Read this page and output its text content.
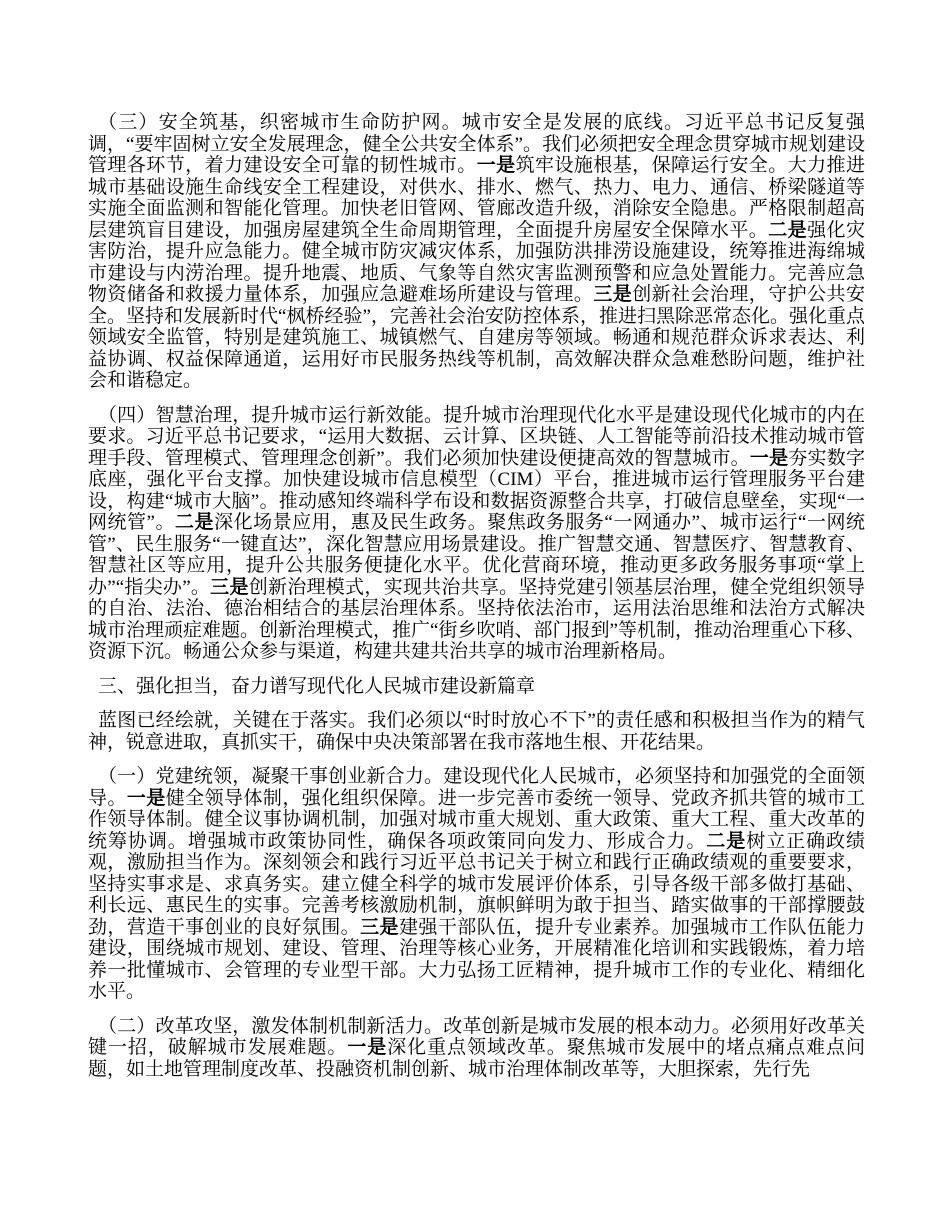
（三）安全筑基，织密城市生命防护网。城市安全是发展的底线。习近平总书记反复强调，“要牢固树立安全发展理念，健全公共安全体系”。我们必须把安全理念贯穿城市规划建设管理各环节，着力建设安全可靠的韧性城市。一是筑牢设施根基，保障运行安全。大力推进城市基础设施生命线安全工程建设，对供水、排水、燃气、热力、电力、通信、桥梁隧道等实施全面监测和智能化管理。加快老旧管网、管廊改造升级，消除安全隐患。严格限制超高层建筑盲目建设，加强房屋建筑全生命周期管理，全面提升房屋安全保障水平。二是强化灾害防治，提升应急能力。健全城市防灾减灾体系，加强防洪排涝设施建设，统筹推进海绵城市建设与内涝治理。提升地震、地质、气象等自然灾害监测预警和应急处置能力。完善应急物资储备和救援力量体系，加强应急避难场所建设与管理。三是创新社会治理，守护公共安全。坚持和发展新时代“枫桥经验”，完善社会治安防控体系，推进扫黑除恶常态化。强化重点领域安全监管，特别是建筑施工、城镇燃气、自建房等领域。畅通和规范群众诉求表达、利益协调、权益保障通道，运用好市民服务热线等机制，高效解决群众急难愁盼问题，维护社会和谐稳定。

（四）智慧治理，提升城市运行新效能。提升城市治理现代化水平是建设现代化城市的内在要求。习近平总书记要求，“运用大数据、云计算、区块链、人工智能等前沿技术推动城市管理手段、管理模式、管理理念创新”。我们必须加快建设便捷高效的智慧城市。一是夯实数字底座，强化平台支撑。加快建设城市信息模型（CIM）平台，推进城市运行管理服务平台建设，构建“城市大脑”。推动感知终端科学布设和数据资源整合共享，打破信息壁垒，实现“一网统管”。二是深化场景应用，惠及民生政务。聚焦政务服务“一网通办”、城市运行“一网统管”、民生服务“一键直达”，深化智慧应用场景建设。推广智慧交通、智慧医疗、智慧教育、智慧社区等应用，提升公共服务便捷化水平。优化营商环境，推动更多政务服务事项“掌上办”“指尖办”。三是创新治理模式，实现共治共享。坚持党建引领基层治理，健全党组织领导的自治、法治、德治相结合的基层治理体系。坚持依法治市，运用法治思维和法治方式解决城市治理顽症难题。创新治理模式，推广“街乡吹哨、部门报到”等机制，推动治理重心下移、资源下沉。畅通公众参与渠道，构建共建共治共享的城市治理新格局。

三、强化担当，奋力谱写现代化人民城市建设新篇章

蓝图已经绘就，关键在于落实。我们必须以“时时放心不下”的责任感和积极担当作为的精气神，锐意进取，真抓实干，确保中央决策部署在我市落地生根、开花结果。

（一）党建统领，凝聚干事创业新合力。建设现代化人民城市，必须坚持和加强党的全面领导。一是健全领导体制，强化组织保障。进一步完善市委统一领导、党政齐抓共管的城市工作领导体制。健全议事协调机制，加强对城市重大规划、重大政策、重大工程、重大改革的统筹协调。增强城市政策协同性，确保各项政策同向发力、形成合力。二是树立正确政绩观，激励担当作为。深刻领会和践行习近平总书记关于树立和践行正确政绩观的重要要求，坚持实事求是、求真务实。建立健全科学的城市发展评价体系，引导各级干部多做打基础、利长远、惠民生的实事。完善考核激励机制，旗帜鲜明为敢于担当、踏实做事的干部撑腰鼓劲，营造干事创业的良好氛围。三是建强干部队伍，提升专业素养。加强城市工作队伍能力建设，围绕城市规划、建设、管理、治理等核心业务，开展精准化培训和实践锻炼，着力培养一批懂城市、会管理的专业型干部。大力弘扬工匠精神，提升城市工作的专业化、精细化水平。

（二）改革攻坚，激发体制机制新活力。改革创新是城市发展的根本动力。必须用好改革关键一招，破解城市发展难题。一是深化重点领域改革。聚焦城市发展中的堵点痛点难点问题，如土地管理制度改革、投融资机制创新、城市治理体制改革等，大胆探索，先行先
